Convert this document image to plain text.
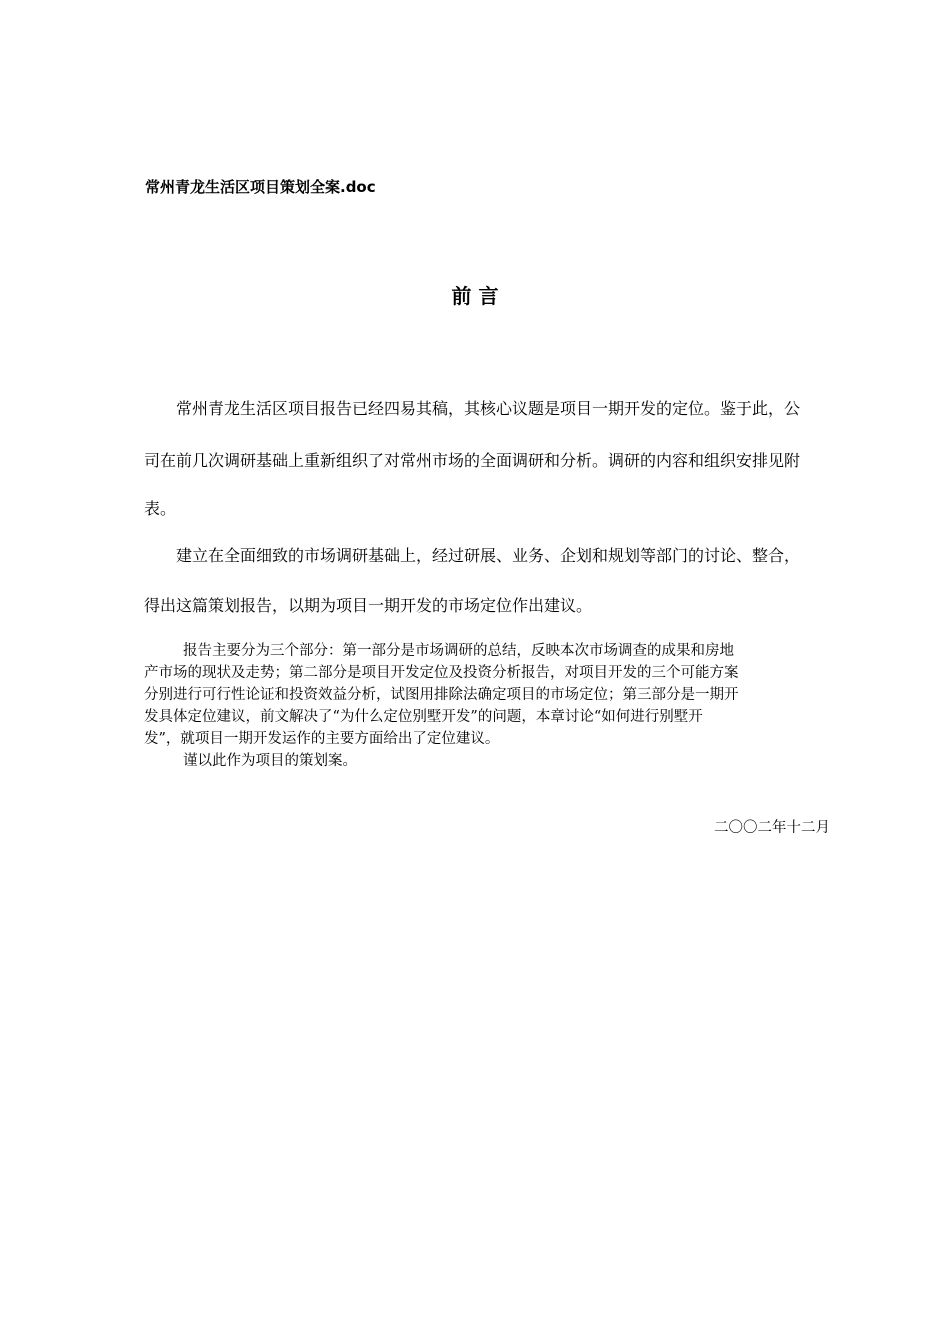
常州青龙生活区项目策划全案.doc
前 言
常州青龙生活区项目报告已经四易其稿，其核心议题是项目一期开发的定位。鉴于此，公
司在前几次调研基础上重新组织了对常州市场的全面调研和分析。调研的内容和组织安排见附
表。
建立在全面细致的市场调研基础上，经过研展、业务、企划和规划等部门的讨论、整合，
得出这篇策划报告，以期为项目一期开发的市场定位作出建议。
报告主要分为三个部分：第一部分是市场调研的总结，反映本次市场调查的成果和房地
产市场的现状及走势；第二部分是项目开发定位及投资分析报告，对项目开发的三个可能方案
分别进行可行性论证和投资效益分析，试图用排除法确定项目的市场定位；第三部分是一期开
发具体定位建议，前文解决了“为什么定位别墅开发”的问题，本章讨论“如何进行别墅开
发”，就项目一期开发运作的主要方面给出了定位建议。
谨以此作为项目的策划案。
二〇〇二年十二月
